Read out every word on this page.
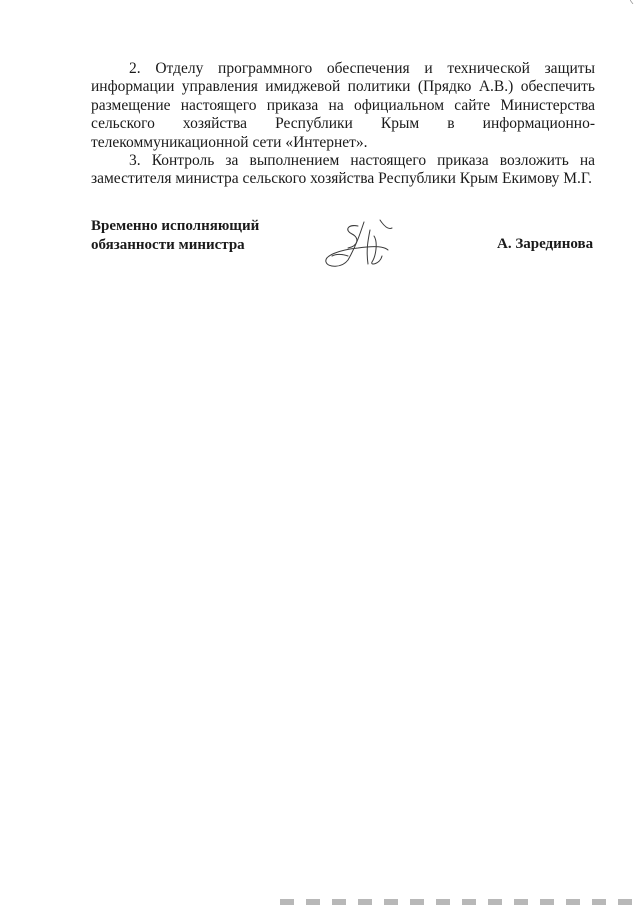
2. Отделу программного обеспечения и технической защиты информации управления имиджевой политики (Прядко А.В.) обеспечить размещение настоящего приказа на официальном сайте Министерства сельского хозяйства Республики Крым в информационно-телекоммуникационной сети «Интернет».

3. Контроль за выполнением настоящего приказа возложить на заместителя министра сельского хозяйства Республики Крым Екимову М.Г.

Временно исполняющий
обязанности министра	А. Зарединова
